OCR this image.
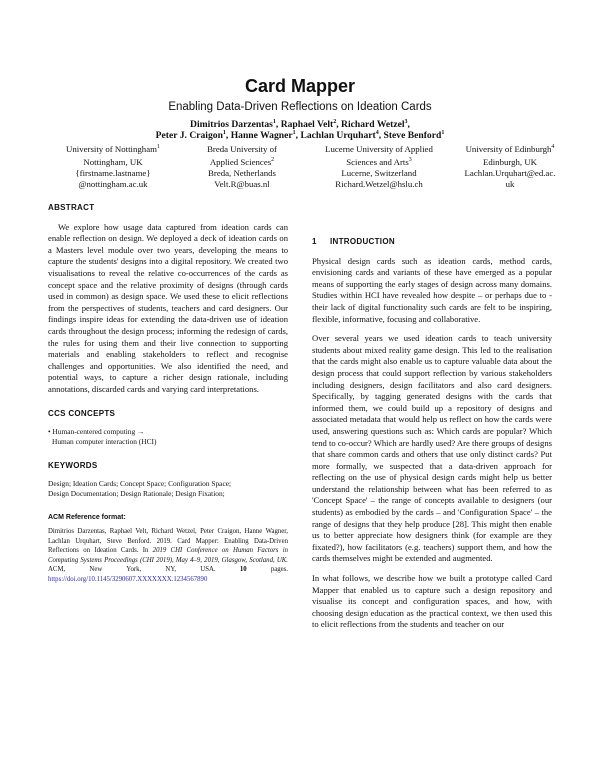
Card Mapper

Enabling Data-Driven Reflections on Ideation Cards

Dimitrios Darzentas$^1$, Raphael Velt$^2$, Richard Wetzel$^3$,
Peter J. Craigon$^1$, Hanne Wagner$^1$, Lachlan Urquhart$^4$, Steve Benford$^1$
University of Nottingham$^1$
Nottingham, UK
{firstname.lastname}
@nottingham.ac.uk
Breda University of
Applied Sciences$^2$
Breda, Netherlands
Velt.R@buas.nl
Lucerne University of Applied
Sciences and Arts$^3$
Lucerne, Switzerland
Richard.Wetzel@hslu.ch
University of Edinburgh$^4$
Edinburgh, UK
Lachlan.Urquhart@ed.ac.
uk
ABSTRACT

We explore how usage data captured from ideation cards can enable reflection on design. We deployed a deck of ideation cards on a Masters level module over two years, developing the means to capture the students' designs into a digital repository. We created two visualisations to reveal the relative co-occurrences of the cards as concept space and the relative proximity of designs (through cards used in common) as design space. We used these to elicit reflections from the perspectives of students, teachers and card designers. Our findings inspire ideas for extending the data-driven use of ideation cards throughout the design process; informing the redesign of cards, the rules for using them and their live connection to supporting materials and enabling stakeholders to reflect and recognise challenges and opportunities. We also identified the need, and potential ways, to capture a richer design rationale, including annotations, discarded cards and varying card interpretations.

CCS CONCEPTS
• Human-centered computing →
Human computer interaction (HCI)
KEYWORDS
Design; Ideation Cards; Concept Space; Configuration Space;
Design Documentation; Design Rationale; Design Fixation;
ACM Reference format:

Dimitrios Darzentas, Raphael Velt, Richard Wetzel, Peter Craigon, Hanne Wagner, Lachlan Urquhart, Steve Benford. 2019. Card Mapper: Enabling Data-Driven Reflections on Ideation Cards. In 2019 CHI Conference on Human Factors in Computing Systems Proceedings (CHI 2019), May 4–9, 2019, Glasgow, Scotland, UK. ACM, New York, NY, USA. 10 pages. https://doi.org/10.1145/3290607.XXXXXXX.1234567890

1 INTRODUCTION

Physical design cards such as ideation cards, method cards, envisioning cards and variants of these have emerged as a popular means of supporting the early stages of design across many domains. Studies within HCI have revealed how despite – or perhaps due to - their lack of digital functionality such cards are felt to be inspiring, flexible, informative, focusing and collaborative.

Over several years we used ideation cards to teach university students about mixed reality game design. This led to the realisation that the cards might also enable us to capture valuable data about the design process that could support reflection by various stakeholders including designers, design facilitators and also card designers. Specifically, by tagging generated designs with the cards that informed them, we could build up a repository of designs and associated metadata that would help us reflect on how the cards were used, answering questions such as: Which cards are popular? Which tend to co-occur? Which are hardly used? Are there groups of designs that share common cards and others that use only distinct cards? Put more formally, we suspected that a data-driven approach for reflecting on the use of physical design cards might help us better understand the relationship between what has been referred to as 'Concept Space' – the range of concepts available to designers (our students) as embodied by the cards – and 'Configuration Space' – the range of designs that they help produce [28]. This might then enable us to better appreciate how designers think (for example are they fixated?), how facilitators (e.g. teachers) support them, and how the cards themselves might be extended and augmented.

In what follows, we describe how we built a prototype called Card Mapper that enabled us to capture such a design repository and visualise its concept and configuration spaces, and how, with choosing design education as the practical context, we then used this to elicit reflections from the students and teacher on our
